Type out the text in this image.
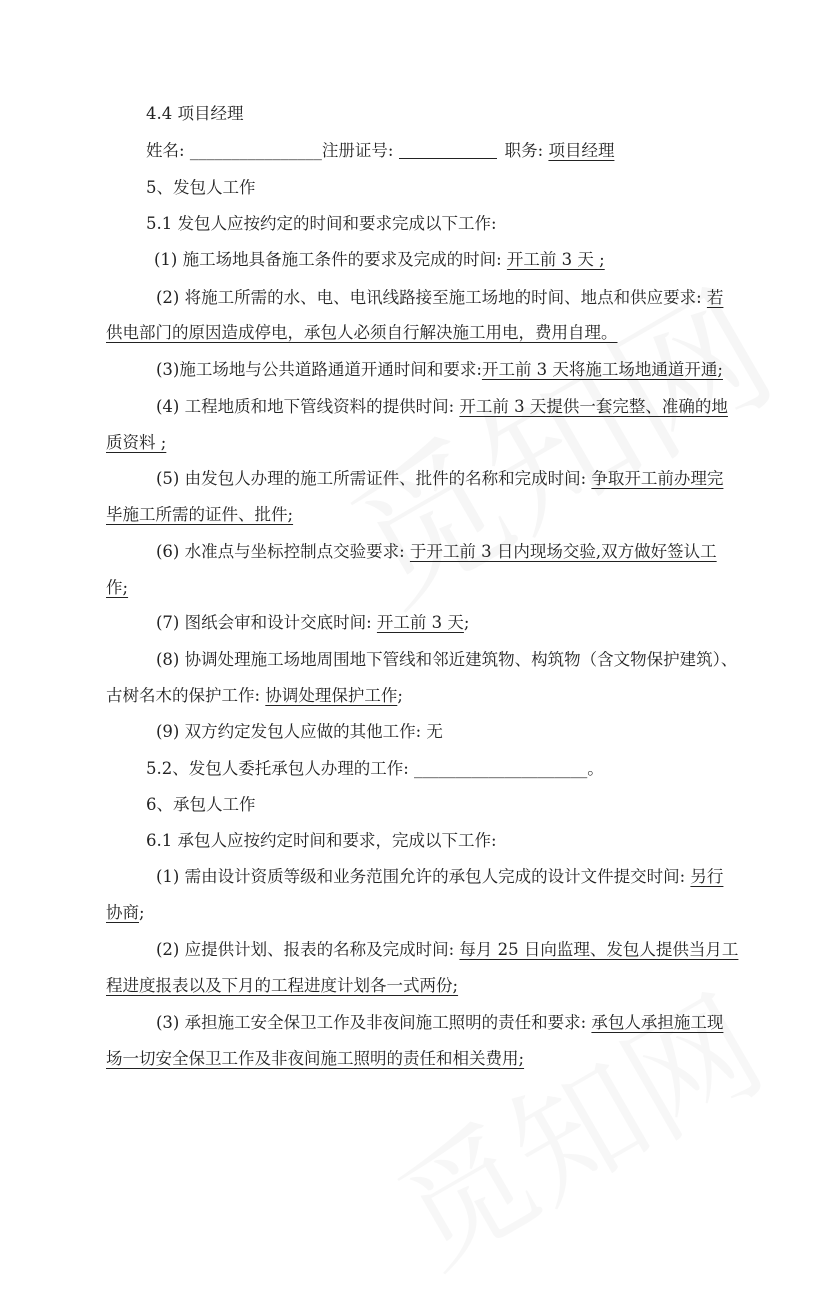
4.4 项目经理
姓名: ________________注册证号:	职务: 项目经理
5、发包人工作
5.1 发包人应按约定的时间和要求完成以下工作:
(1) 施工场地具备施工条件的要求及完成的时间: 开工前 3 天 ;
(2) 将施工所需的水、电、电讯线路接至施工场地的时间、地点和供应要求: 若
供电部门的原因造成停电，承包人必须自行解决施工用电，费用自理。
(3)施工场地与公共道路通道开通时间和要求:开工前 3 天将施工场地通道开通;
(4) 工程地质和地下管线资料的提供时间: 开工前 3 天提供一套完整、准确的地
质资料 ;
(5) 由发包人办理的施工所需证件、批件的名称和完成时间: 争取开工前办理完
毕施工所需的证件、批件;
(6) 水准点与坐标控制点交验要求: 于开工前 3 日内现场交验,双方做好签认工
作;
(7) 图纸会审和设计交底时间: 开工前 3 天;
(8) 协调处理施工场地周围地下管线和邻近建筑物、构筑物（含文物保护建筑）、
古树名木的保护工作: 协调处理保护工作;
(9) 双方约定发包人应做的其他工作: 无
5.2、发包人委托承包人办理的工作: _____________________。
6、承包人工作
6.1 承包人应按约定时间和要求，完成以下工作:
(1) 需由设计资质等级和业务范围允许的承包人完成的设计文件提交时间: 另行
协商;
(2) 应提供计划、报表的名称及完成时间: 每月 25 日向监理、发包人提供当月工
程进度报表以及下月的工程进度计划各一式两份;
(3) 承担施工安全保卫工作及非夜间施工照明的责任和要求: 承包人承担施工现
场一切安全保卫工作及非夜间施工照明的责任和相关费用;
